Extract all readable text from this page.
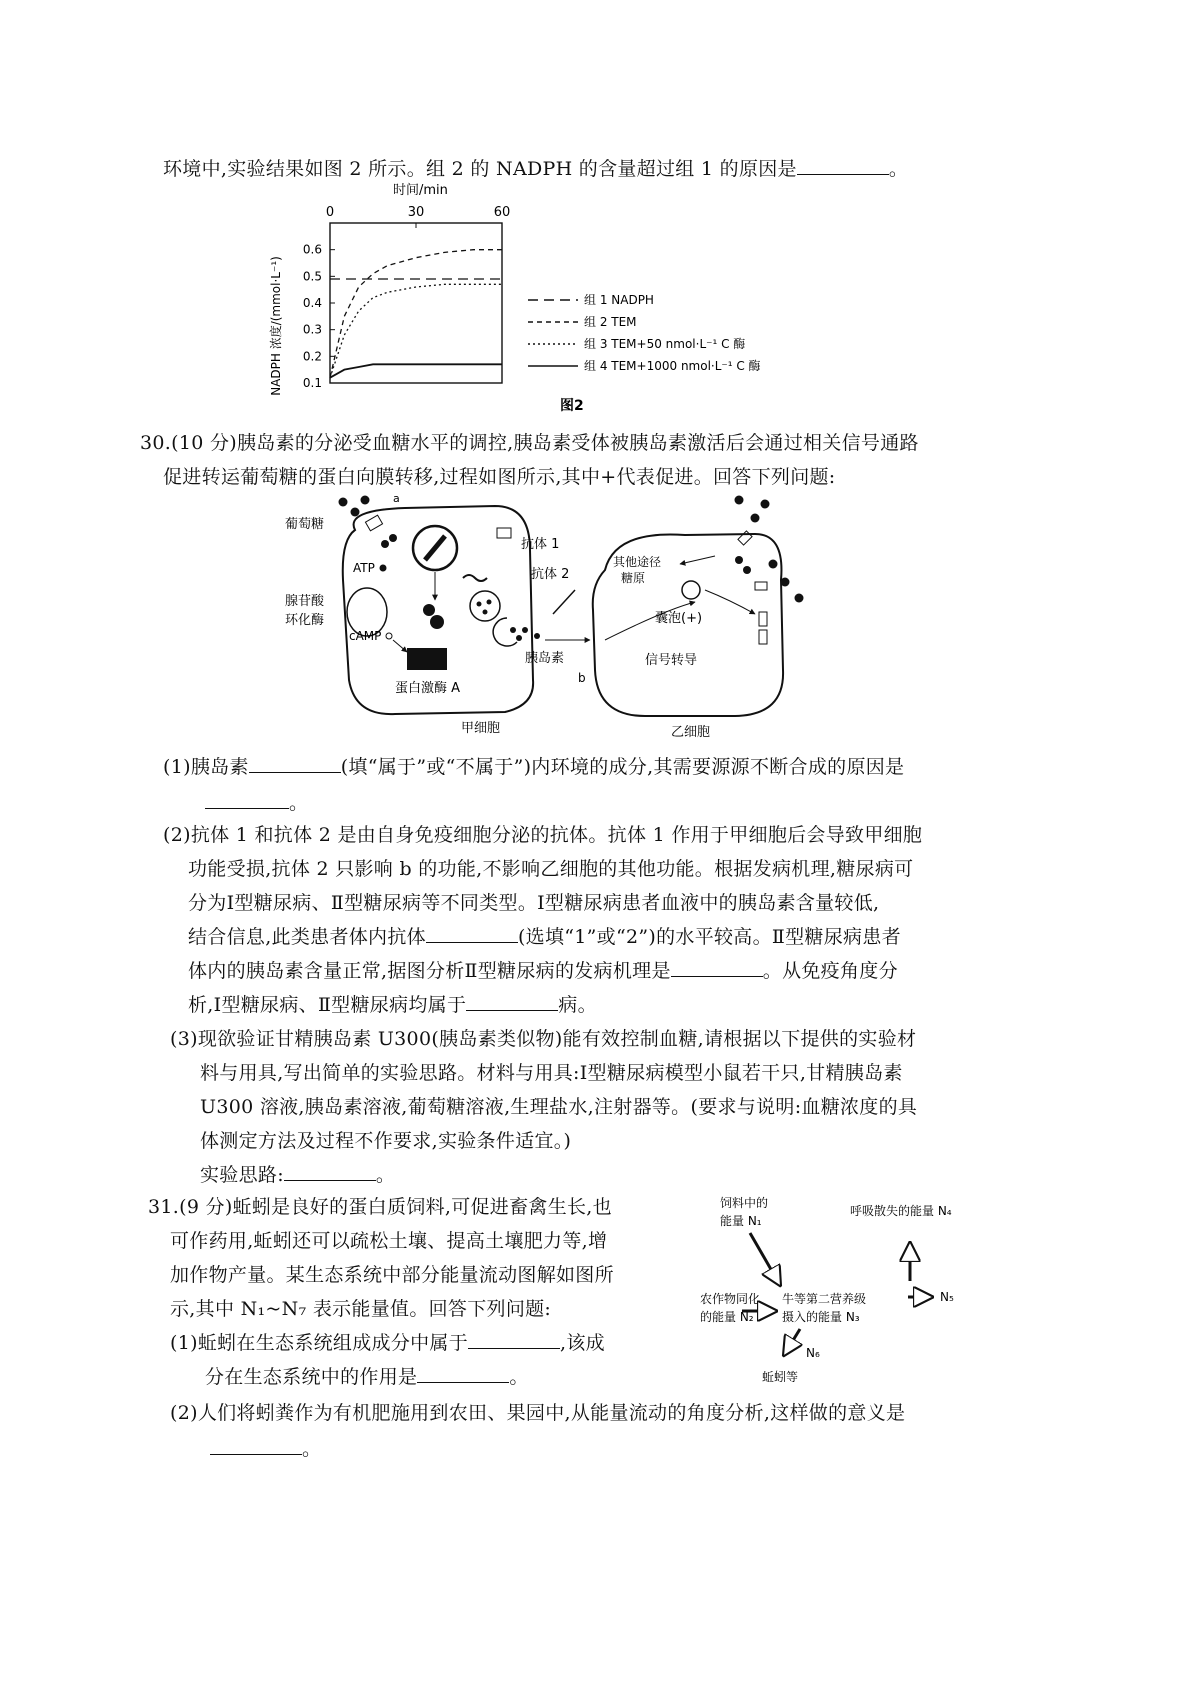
环境中,实验结果如图 2 所示。组 2 的 NADPH 的含量超过组 1 的原因是	。
时间/min
NADPH 浓度/(mmol·L⁻¹)
0	30	60
0.6
0.5
0.4
0.3
0.2
0.1
组 1 NADPH
组 2 TEM
组 3 TEM+50 nmol·L⁻¹ C 酶
组 4 TEM+1000 nmol·L⁻¹ C 酶
图2
30.(10 分)胰岛素的分泌受血糖水平的调控,胰岛素受体被胰岛素激活后会通过相关信号通路
促进转运葡萄糖的蛋白向膜转移,过程如图所示,其中+代表促进。回答下列问题:
a
葡萄糖
ATP
腺苷酸
环化酶
cAMP
蛋白激酶 A
抗体 1
抗体 2
胰岛素
b
甲细胞
其他途径
糖原
囊泡(+)
信号转导
乙细胞
(1)胰岛素	(填“属于”或“不属于”)内环境的成分,其需要源源不断合成的原因是
。
(2)抗体 1 和抗体 2 是由自身免疫细胞分泌的抗体。抗体 1 作用于甲细胞后会导致甲细胞
功能受损,抗体 2 只影响 b 的功能,不影响乙细胞的其他功能。根据发病机理,糖尿病可
分为Ⅰ型糖尿病、Ⅱ型糖尿病等不同类型。Ⅰ型糖尿病患者血液中的胰岛素含量较低,
结合信息,此类患者体内抗体	(选填“1”或“2”)的水平较高。Ⅱ型糖尿病患者
体内的胰岛素含量正常,据图分析Ⅱ型糖尿病的发病机理是	。从免疫角度分
析,Ⅰ型糖尿病、Ⅱ型糖尿病均属于	病。
(3)现欲验证甘精胰岛素 U300(胰岛素类似物)能有效控制血糖,请根据以下提供的实验材
料与用具,写出简单的实验思路。材料与用具:Ⅰ型糖尿病模型小鼠若干只,甘精胰岛素
U300 溶液,胰岛素溶液,葡萄糖溶液,生理盐水,注射器等。(要求与说明:血糖浓度的具
体测定方法及过程不作要求,实验条件适宜。)
实验思路:	。
31.(9 分)蚯蚓是良好的蛋白质饲料,可促进畜禽生长,也
可作药用,蚯蚓还可以疏松土壤、提高土壤肥力等,增
加作物产量。某生态系统中部分能量流动图解如图所
示,其中 N₁~N₇ 表示能量值。回答下列问题:
(1)蚯蚓在生态系统组成成分中属于	,该成
分在生态系统中的作用是	。
(2)人们将蚓粪作为有机肥施用到农田、果园中,从能量流动的角度分析,这样做的意义是
。
饲料中的
能量 N₁
呼吸散失的能量 N₄
农作物同化
的能量 N₂
牛等第二营养级
摄入的能量 N₃
N₅
N₆
蚯蚓等
